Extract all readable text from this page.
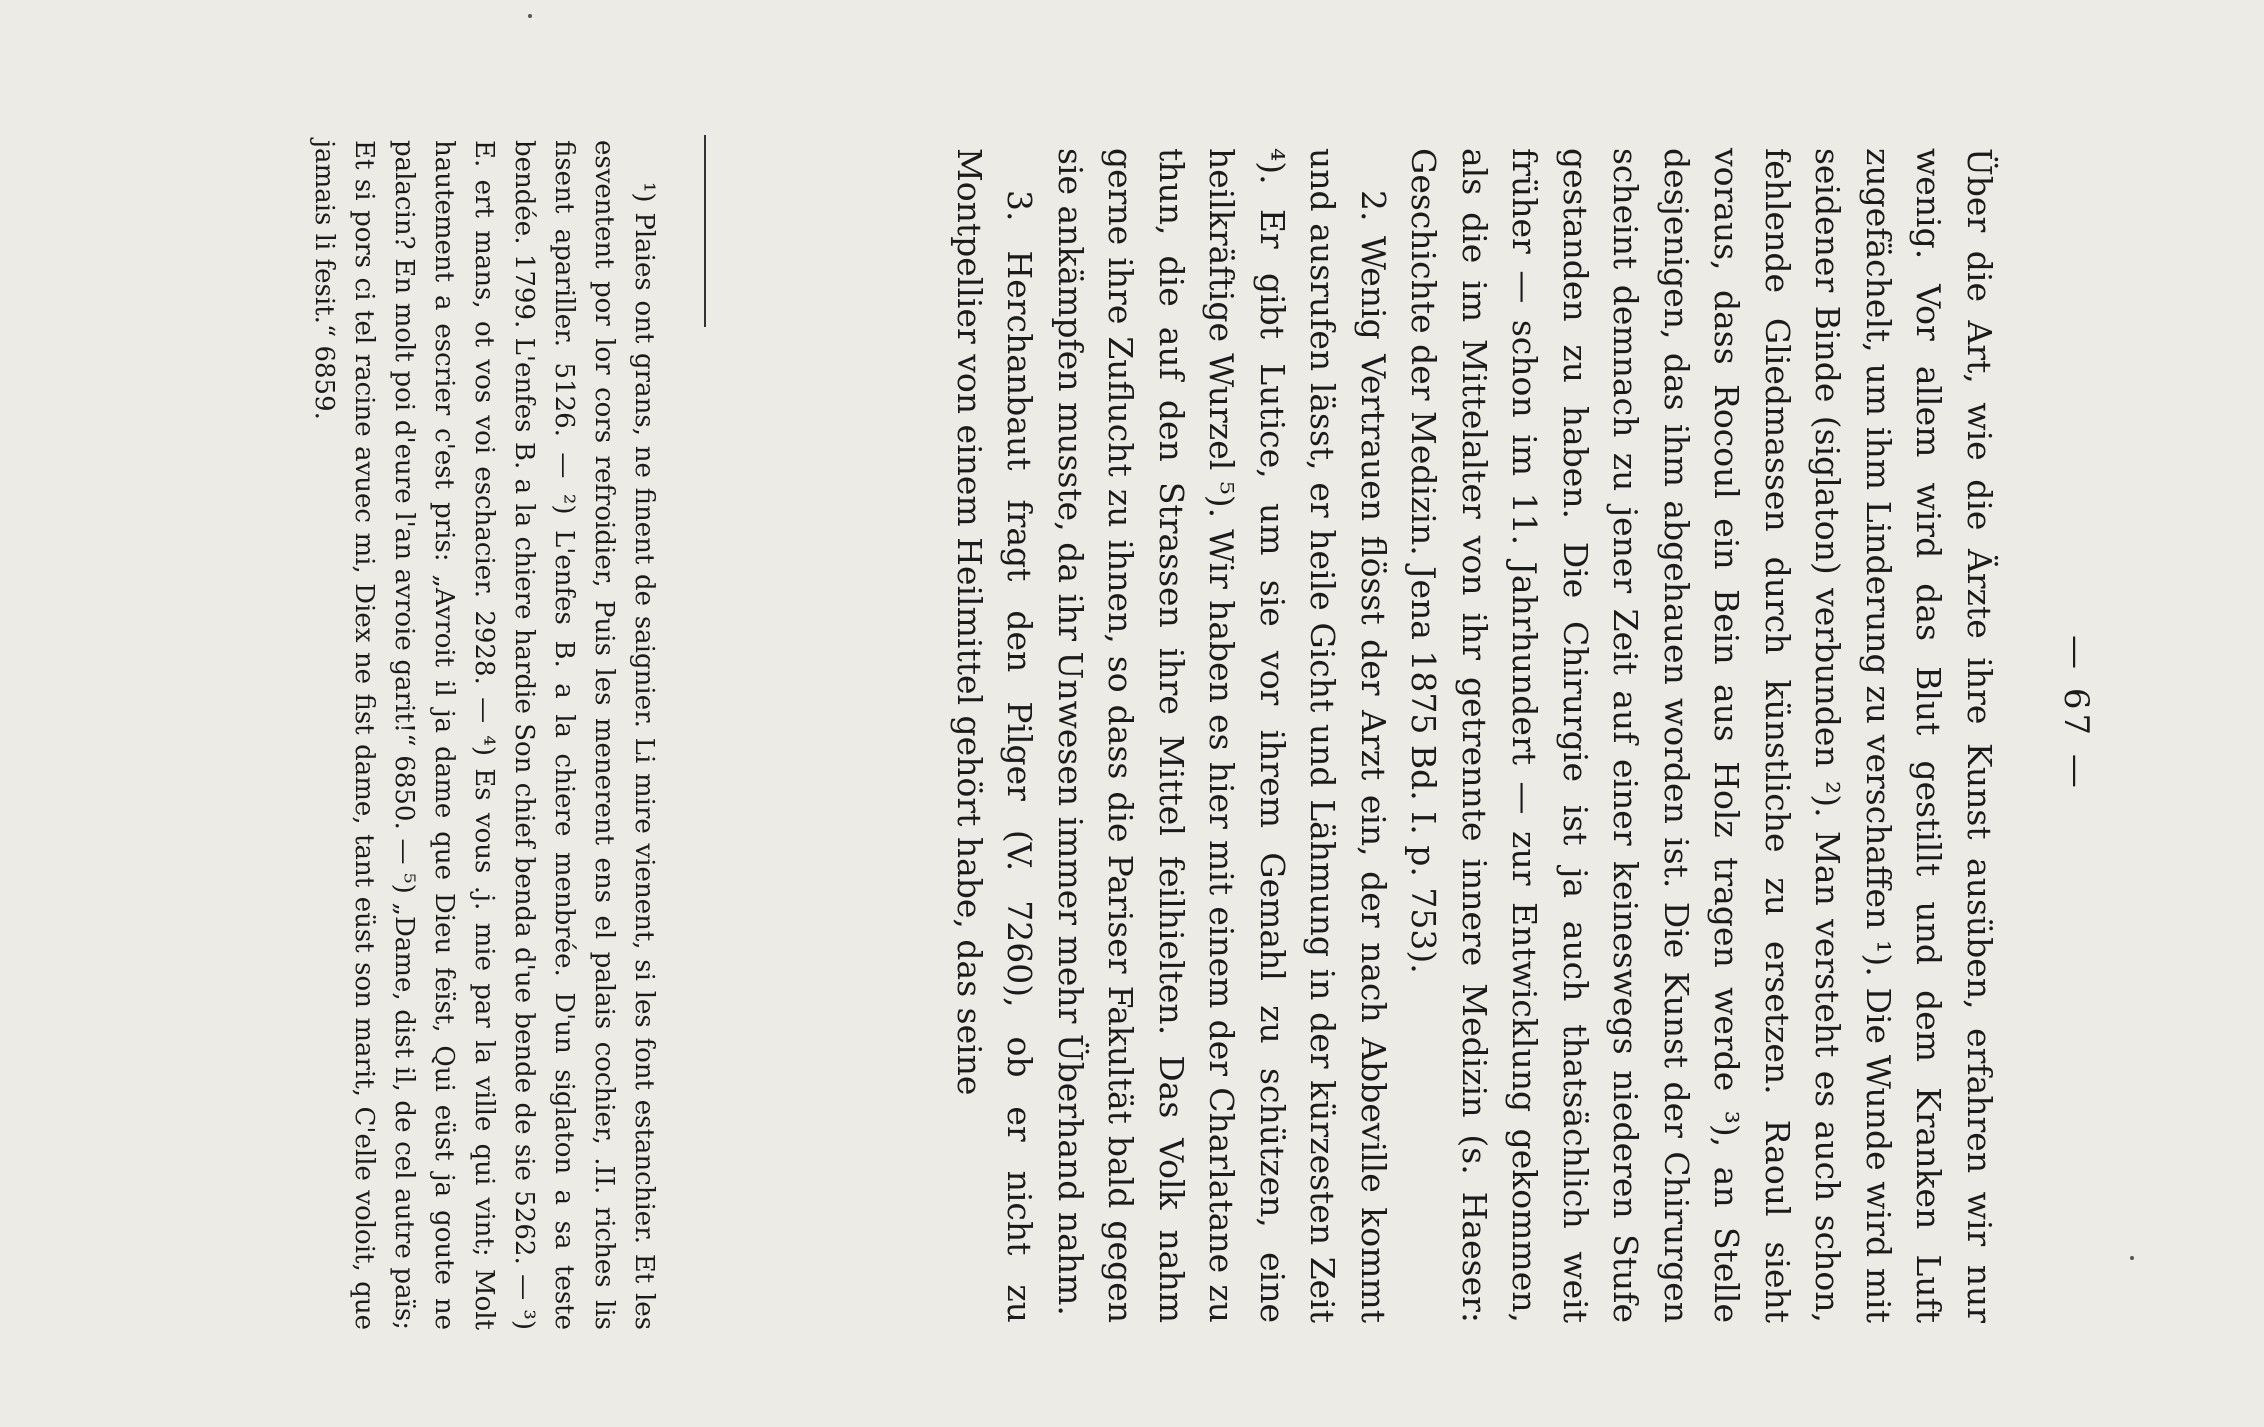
— 67 —

Über die Art, wie die Ärzte ihre Kunst ausüben, erfahren wir nur wenig. Vor allem wird das Blut gestillt und dem Kranken Luft zugefächelt, um ihm Linderung zu verschaffen ¹). Die Wunde wird mit seidener Binde (siglaton) verbunden ²). Man versteht es auch schon, fehlende Gliedmassen durch künstliche zu ersetzen. Raoul sieht voraus, dass Rocoul ein Bein aus Holz tragen werde ³), an Stelle desjenigen, das ihm abgehauen worden ist. Die Kunst der Chirurgen scheint demnach zu jener Zeit auf einer keineswegs niederen Stufe gestanden zu haben. Die Chirurgie ist ja auch thatsächlich weit früher — schon im 11. Jahrhundert — zur Entwicklung gekommen, als die im Mittelalter von ihr getrennte innere Medizin (s. Haeser: Geschichte der Medizin. Jena 1875 Bd. I. p. 753).

2. Wenig Vertrauen flösst der Arzt ein, der nach Abbeville kommt und ausrufen lässt, er heile Gicht und Lähmung in der kürzesten Zeit ⁴). Er gibt Lutice, um sie vor ihrem Gemahl zu schützen, eine heilkräftige Wurzel ⁵). Wir haben es hier mit einem der Charlatane zu thun, die auf den Strassen ihre Mittel feilhielten. Das Volk nahm gerne ihre Zuflucht zu ihnen, so dass die Pariser Fakultät bald gegen sie ankämpfen musste, da ihr Unwesen immer mehr Überhand nahm.

3. Herchanbaut fragt den Pilger (V. 7260), ob er nicht zu Montpellier von einem Heilmittel gehört habe, das seine

¹) Plaies ont grans, ne finent de saignier. Li mire vienent, si les font estanchier. Et les esventent por lor cors refroidier, Puis les menerent ens el palais cochier, .II. riches lis fisent apariller. 5126. — ²) L'enfes B. a la chiere menbrée. D'un siglaton a sa teste bendée. 1799. L'enfes B. a la chiere hardie Son chief benda d'ue bende de sie 5262. — ³) E. ert mans, ot vos voi eschacier. 2928. — ⁴) Es vous .j. mie par la ville qui vint; Molt hautement a escrier c'est pris: „Avroit il ja dame que Dieu feïst, Qui eüst ja goute ne palacin? En molt poi d'eure l'an avroie garit!“ 6850. — ⁵) „Dame, dist il, de cel autre païs; Et si pors ci tel racine avuec mi, Diex ne fist dame, tant eüst son marit, C'elle voloit, que jamais li fesit.“ 6859.
